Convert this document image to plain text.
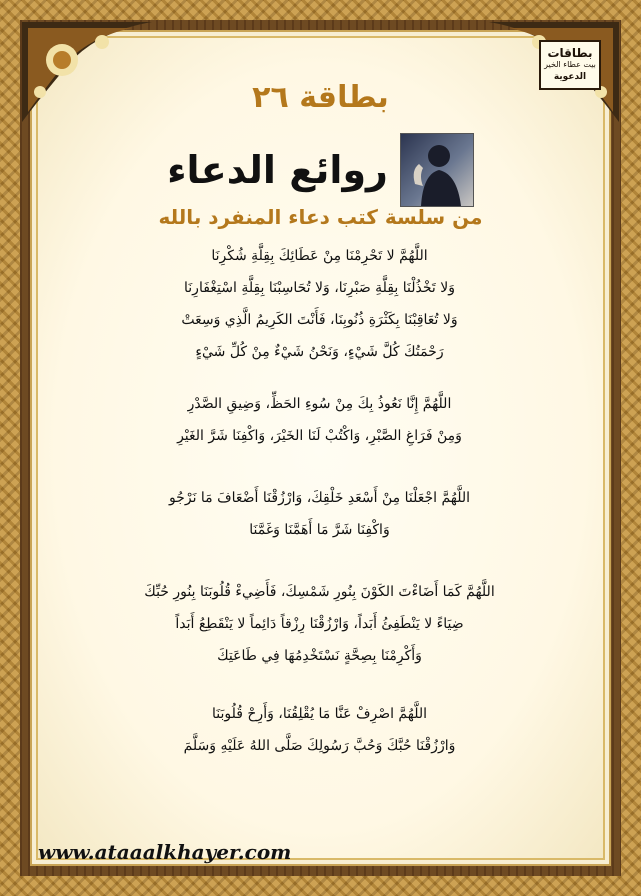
بطاقات
بيت عطاء الخير
الدعوية
بطاقة ٢٦
روائع الدعاء
من سلسة كتب دعاء المنفرد بالله
اللَّهُمَّ لا تَحْرِمْنَا مِنْ عَطَائِكَ بِقِلَّةِ شُكْرِنَا
وَلا تَخْذُلْنَا بِقِلَّةِ صَبْرِنَا، وَلا تُحَاسِبْنَا بِقِلَّةِ اسْتِغْفَارِنَا
وَلا تُعَاقِبْنَا بِكَثْرَةِ ذُنُوبِنَا، فَأَنْتَ الكَرِيمُ الَّذِي وَسِعَتْ
رَحْمَتُكَ كُلَّ شَيْءٍ، وَنَحْنُ شَيْءٌ مِنْ كُلِّ شَيْءٍ
اللَّهُمَّ إِنَّا نَعُوذُ بِكَ مِنْ سُوءِ الحَظِّ، وَضِيقِ الصَّدْرِ
وَمِنْ فَرَاغِ الصَّبْرِ، وَاكْتُبْ لَنَا الخَيْرَ، وَاكْفِنَا شَرَّ الغَيْرِ
اللَّهُمَّ اجْعَلْنَا مِنْ أَسْعَدِ خَلْقِكَ، وَارْزُقْنَا أَضْعَافَ مَا نَرْجُو
وَاكْفِنَا شَرَّ مَا أَهَمَّنَا وَغَمَّنَا
اللَّهُمَّ كَمَا أَضَاءْتَ الكَوْنَ بِنُورِ شَمْسِكَ، فَأَضِيءْ قُلُوبَنَا بِنُورِ حُبِّكَ
ضِيَاءً لا يَنْطَفِئُ أَبَداً، وَارْزُقْنَا رِزْقاً دَائِماً لا يَنْقَطِعُ أَبَداً
وَأَكْرِمْنَا بِصِحَّةٍ نَسْتَخْدِمُهَا فِي طَاعَتِكَ
اللَّهُمَّ اصْرِفْ عَنَّا مَا يُقْلِقُنَا، وَأَرِحْ قُلُوبَنَا
وَارْزُقْنَا حُبَّكَ وَحُبَّ رَسُولِكَ صَلَّى اللهُ عَلَيْهِ وَسَلَّمَ
www.ataaalkhayer.com
